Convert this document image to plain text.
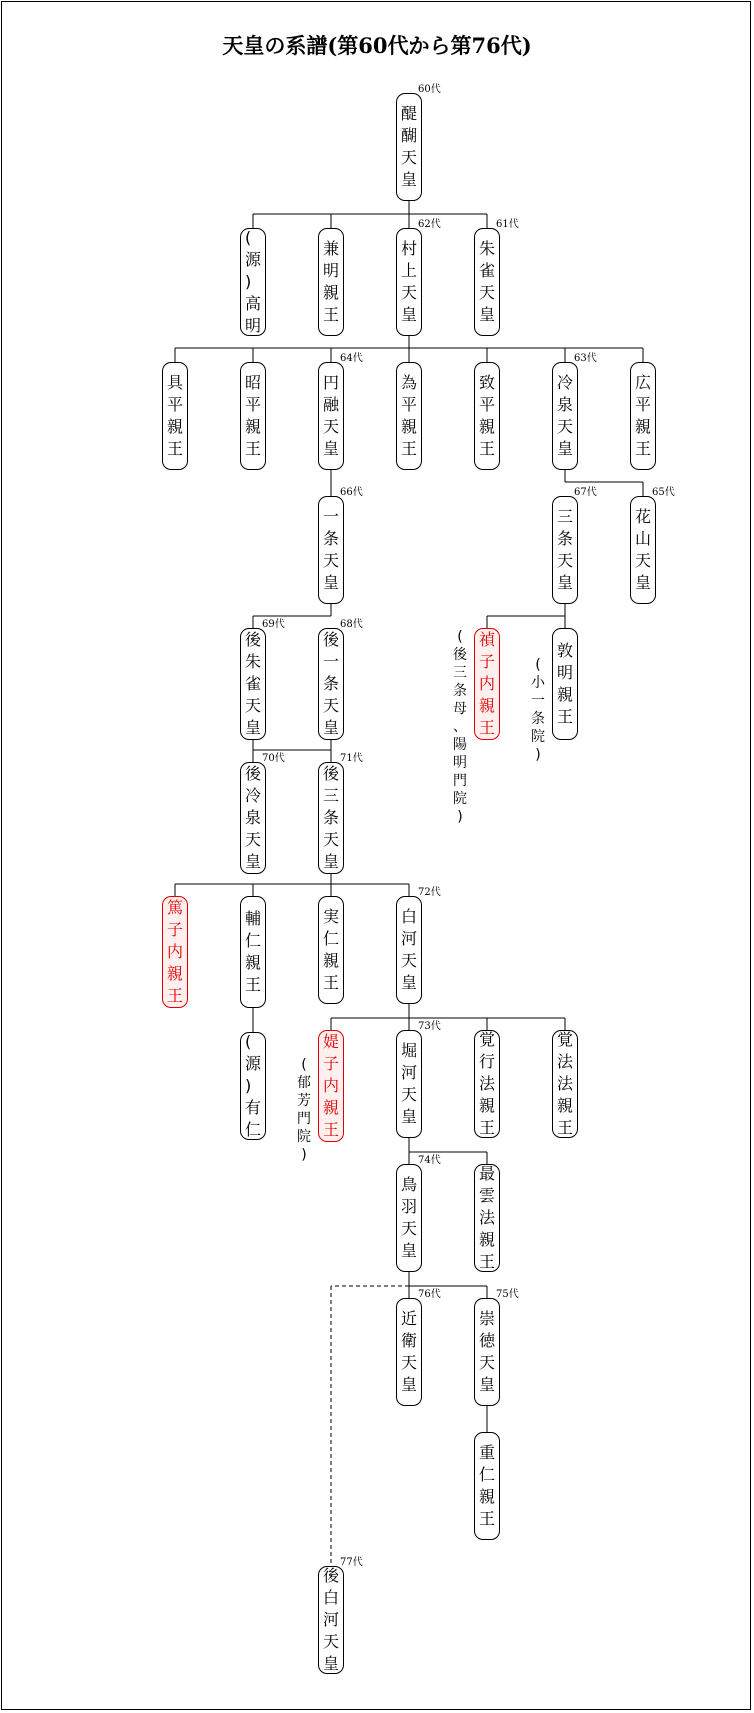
天皇の系譜(第60代から第76代)
醍
醐
天
皇
60代
(
源
)
高
明
兼
明
親
王
村
上
天
皇
62代
朱
雀
天
皇
61代
具
平
親
王
昭
平
親
王
円
融
天
皇
64代
為
平
親
王
致
平
親
王
冷
泉
天
皇
63代
広
平
親
王
一
条
天
皇
66代
三
条
天
皇
67代
花
山
天
皇
65代
禎
子
内
親
王
敦
明
親
王
後
朱
雀
天
皇
69代
後
一
条
天
皇
68代
後
冷
泉
天
皇
70代
後
三
条
天
皇
71代
篤
子
内
親
王
輔
仁
親
王
実
仁
親
王
白
河
天
皇
72代
(
源
)
有
仁
媞
子
内
親
王
堀
河
天
皇
73代
覚
行
法
親
王
覚
法
法
親
王
鳥
羽
天
皇
74代
最
雲
法
親
王
近
衛
天
皇
76代
崇
徳
天
皇
75代
重
仁
親
王
後
白
河
天
皇
77代
(
後
三
条
母
、
陽
明
門
院
)
(
小
一
条
院
)
(
郁
芳
門
院
)
